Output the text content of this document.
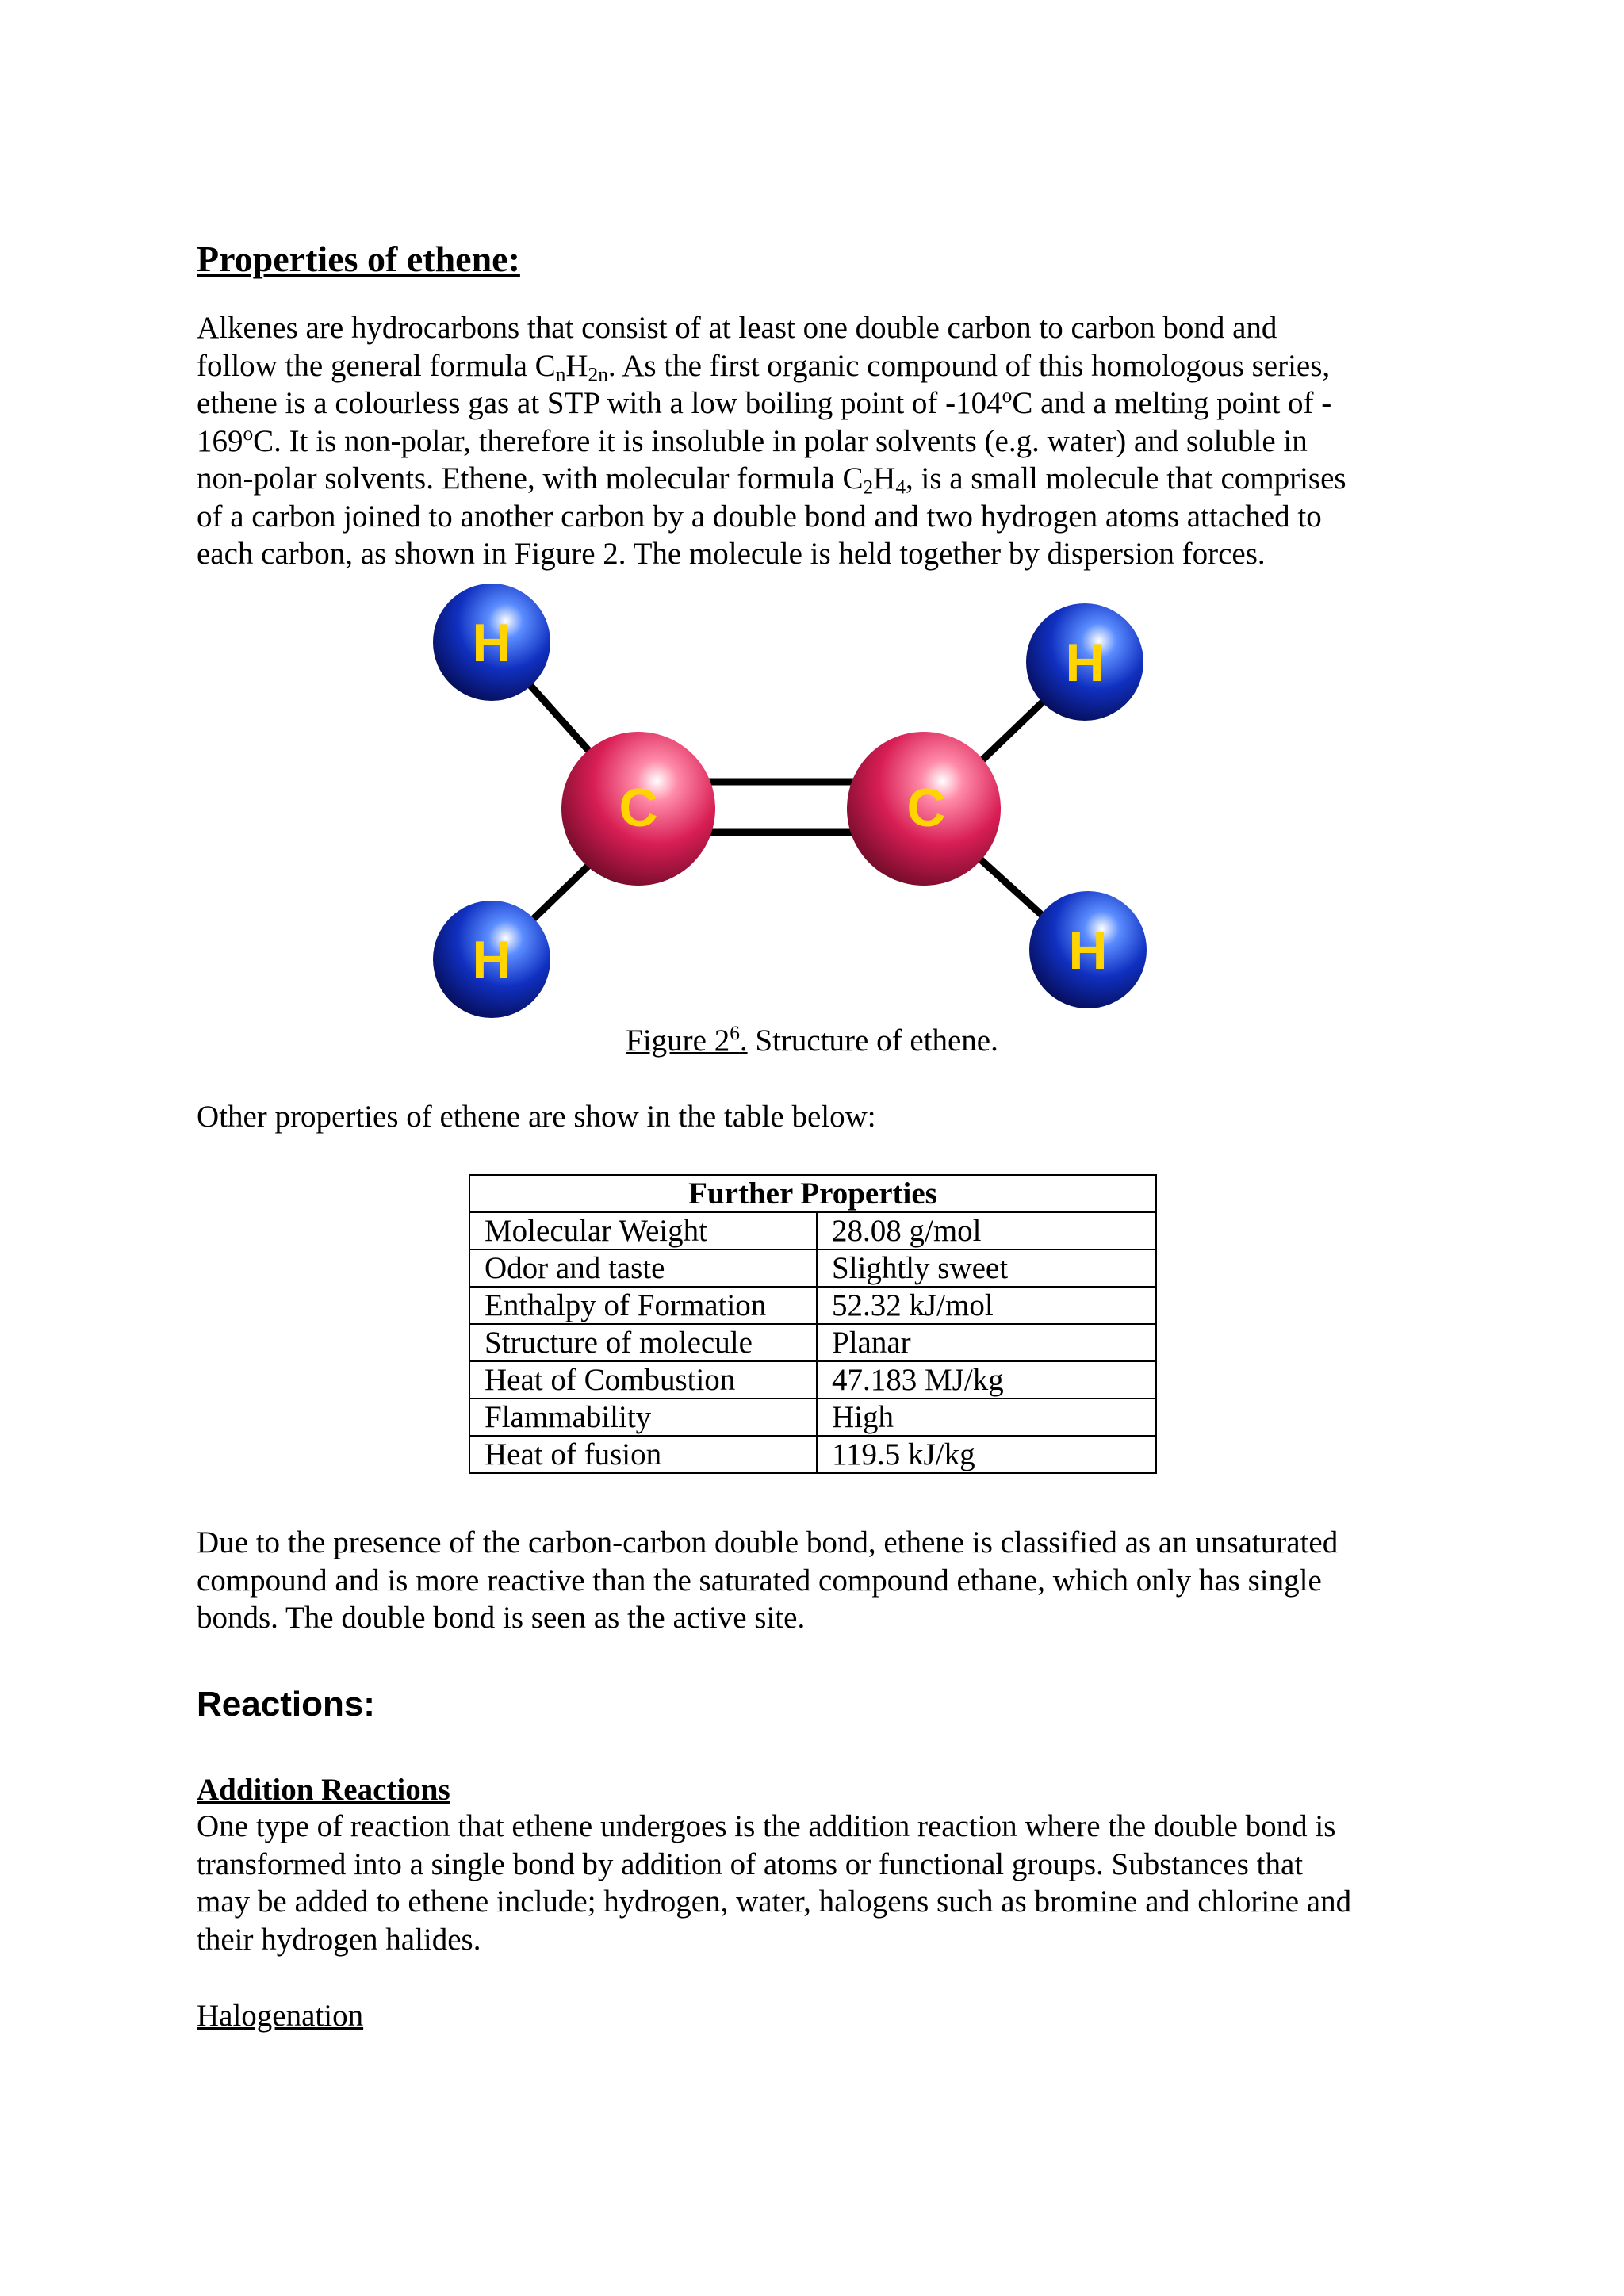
Properties of ethene:

Alkenes are hydrocarbons that consist of at least one double carbon to carbon bond and
follow the general formula $C_nH_{2n}$. As the first organic compound of this homologous series,
ethene is a colourless gas at STP with a low boiling point of -104$^o$C and a melting point of -
169$^o$C. It is non-polar, therefore it is insoluble in polar solvents (e.g. water) and soluble in
non-polar solvents. Ethene, with molecular formula $C_2H_4$, is a small molecule that comprises
of a carbon joined to another carbon by a double bond and two hydrogen atoms attached to
each carbon, as shown in Figure 2. The molecule is held together by dispersion forces.

C	C
H
H
H
H
Figure $2^6$. Structure of ethene.

Other properties of ethene are show in the table below:

Further Properties	
Molecular Weight	28.08 g/mol
Odor and taste	Slightly sweet
Enthalpy of Formation	52.32 kJ/mol
Structure of molecule	Planar
Heat of Combustion	47.183 MJ/kg
Flammability	High
Heat of fusion	119.5 kJ/kg

Due to the presence of the carbon-carbon double bond, ethene is classified as an unsaturated
compound and is more reactive than the saturated compound ethane, which only has single
bonds. The double bond is seen as the active site.

Reactions:
Addition Reactions

One type of reaction that ethene undergoes is the addition reaction where the double bond is
transformed into a single bond by addition of atoms or functional groups. Substances that
may be added to ethene include; hydrogen, water, halogens such as bromine and chlorine and
their hydrogen halides.

Halogenation
